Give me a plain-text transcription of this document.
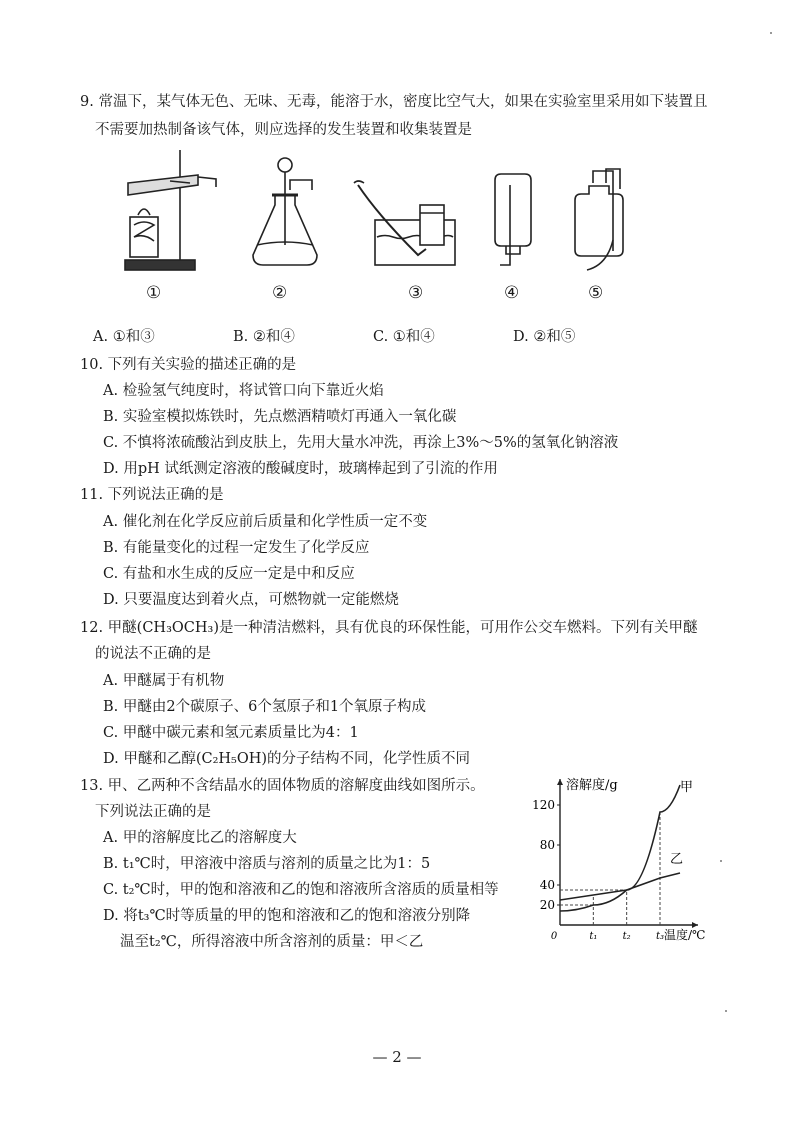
9. 常温下，某气体无色、无味、无毒，能溶于水，密度比空气大，如果在实验室里采用如下装置且
不需要加热制备该气体，则应选择的发生装置和收集装置是
①	②	③	④	⑤
A. ①和③	B. ②和④	C. ①和④	D. ②和⑤
10. 下列有关实验的描述正确的是
A. 检验氢气纯度时，将试管口向下靠近火焰
B. 实验室模拟炼铁时，先点燃酒精喷灯再通入一氧化碳
C. 不慎将浓硫酸沾到皮肤上，先用大量水冲洗，再涂上3%～5%的氢氧化钠溶液
D. 用pH 试纸测定溶液的酸碱度时，玻璃棒起到了引流的作用
11. 下列说法正确的是
A. 催化剂在化学反应前后质量和化学性质一定不变
B. 有能量变化的过程一定发生了化学反应
C. 有盐和水生成的反应一定是中和反应
D. 只要温度达到着火点，可燃物就一定能燃烧
12. 甲醚(CH₃OCH₃)是一种清洁燃料，具有优良的环保性能，可用作公交车燃料。下列有关甲醚
的说法不正确的是
A. 甲醚属于有机物
B. 甲醚由2个碳原子、6个氢原子和1个氧原子构成
C. 甲醚中碳元素和氢元素质量比为4：1
D. 甲醚和乙醇(C₂H₅OH)的分子结构不同，化学性质不同
13. 甲、乙两种不含结晶水的固体物质的溶解度曲线如图所示。
下列说法正确的是
A. 甲的溶解度比乙的溶解度大
B. t₁℃时，甲溶液中溶质与溶剂的质量之比为1：5
C. t₂℃时，甲的饱和溶液和乙的饱和溶液所含溶质的质量相等
D. 将t₃℃时等质量的甲的饱和溶液和乙的饱和溶液分别降
温至t₂℃，所得溶液中所含溶剂的质量：甲＜乙
20
40
80
120
0	t₁	t₂	t₃
甲
乙
溶解度/g
温度/℃
— 2 —
